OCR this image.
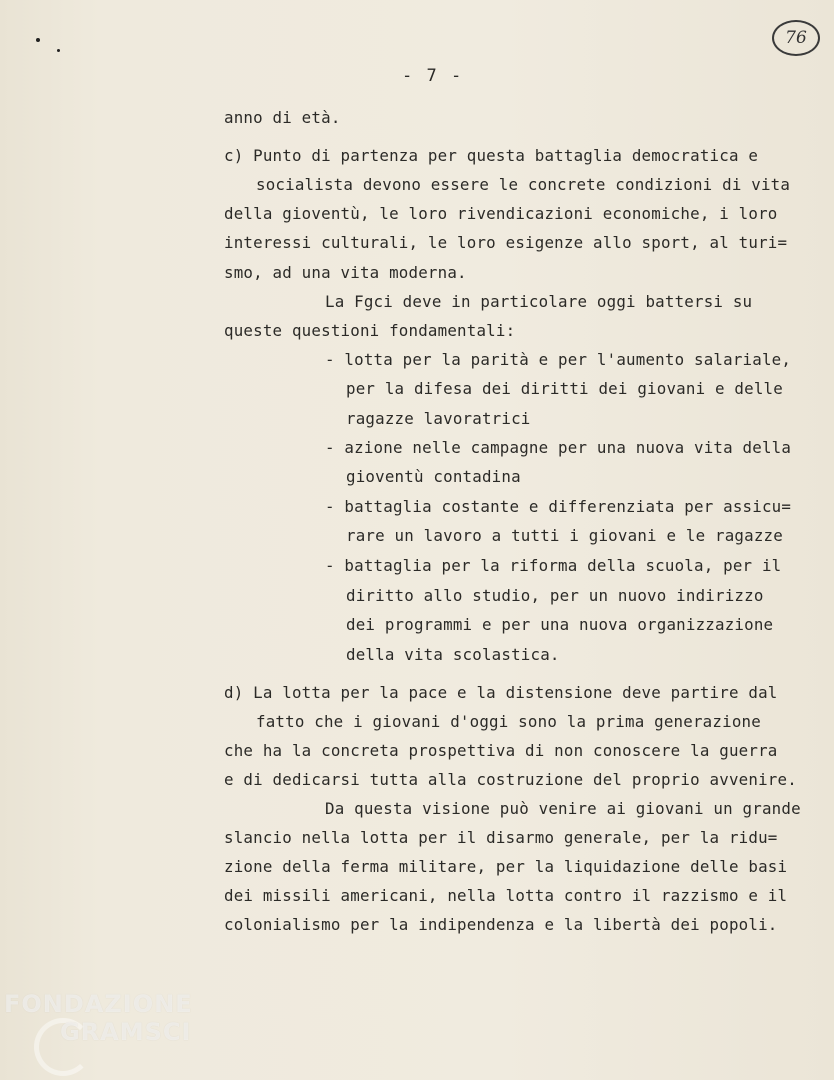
76
- 7 -
anno di età.
c) Punto di partenza per questa battaglia democratica e
socialista devono essere le concrete condizioni di vita
della gioventù, le loro rivendicazioni economiche, i loro
interessi culturali, le loro esigenze allo sport, al turi=
smo, ad una vita moderna.
La Fgci deve in particolare oggi battersi su
queste questioni fondamentali:
- lotta per la parità e per l'aumento salariale,
per la difesa dei diritti dei giovani e delle
ragazze lavoratrici
- azione nelle campagne per una nuova vita della
gioventù contadina
- battaglia costante e differenziata per assicu=
rare un lavoro a tutti i giovani e le ragazze
- battaglia per la riforma della scuola, per il
diritto allo studio, per un nuovo indirizzo
dei programmi e per una nuova organizzazione
della vita scolastica.
d) La lotta per la pace e la distensione deve partire dal
fatto che i giovani d'oggi sono la prima generazione
che ha la concreta prospettiva di non conoscere la guerra
e di dedicarsi tutta alla costruzione del proprio avvenire.
Da questa visione può venire ai giovani un grande
slancio nella lotta per il disarmo generale, per la ridu=
zione della ferma militare, per la liquidazione delle basi
dei missili americani, nella lotta contro il razzismo e il
colonialismo per la indipendenza e la libertà dei popoli.
FONDAZIONE
GRAMSCI
